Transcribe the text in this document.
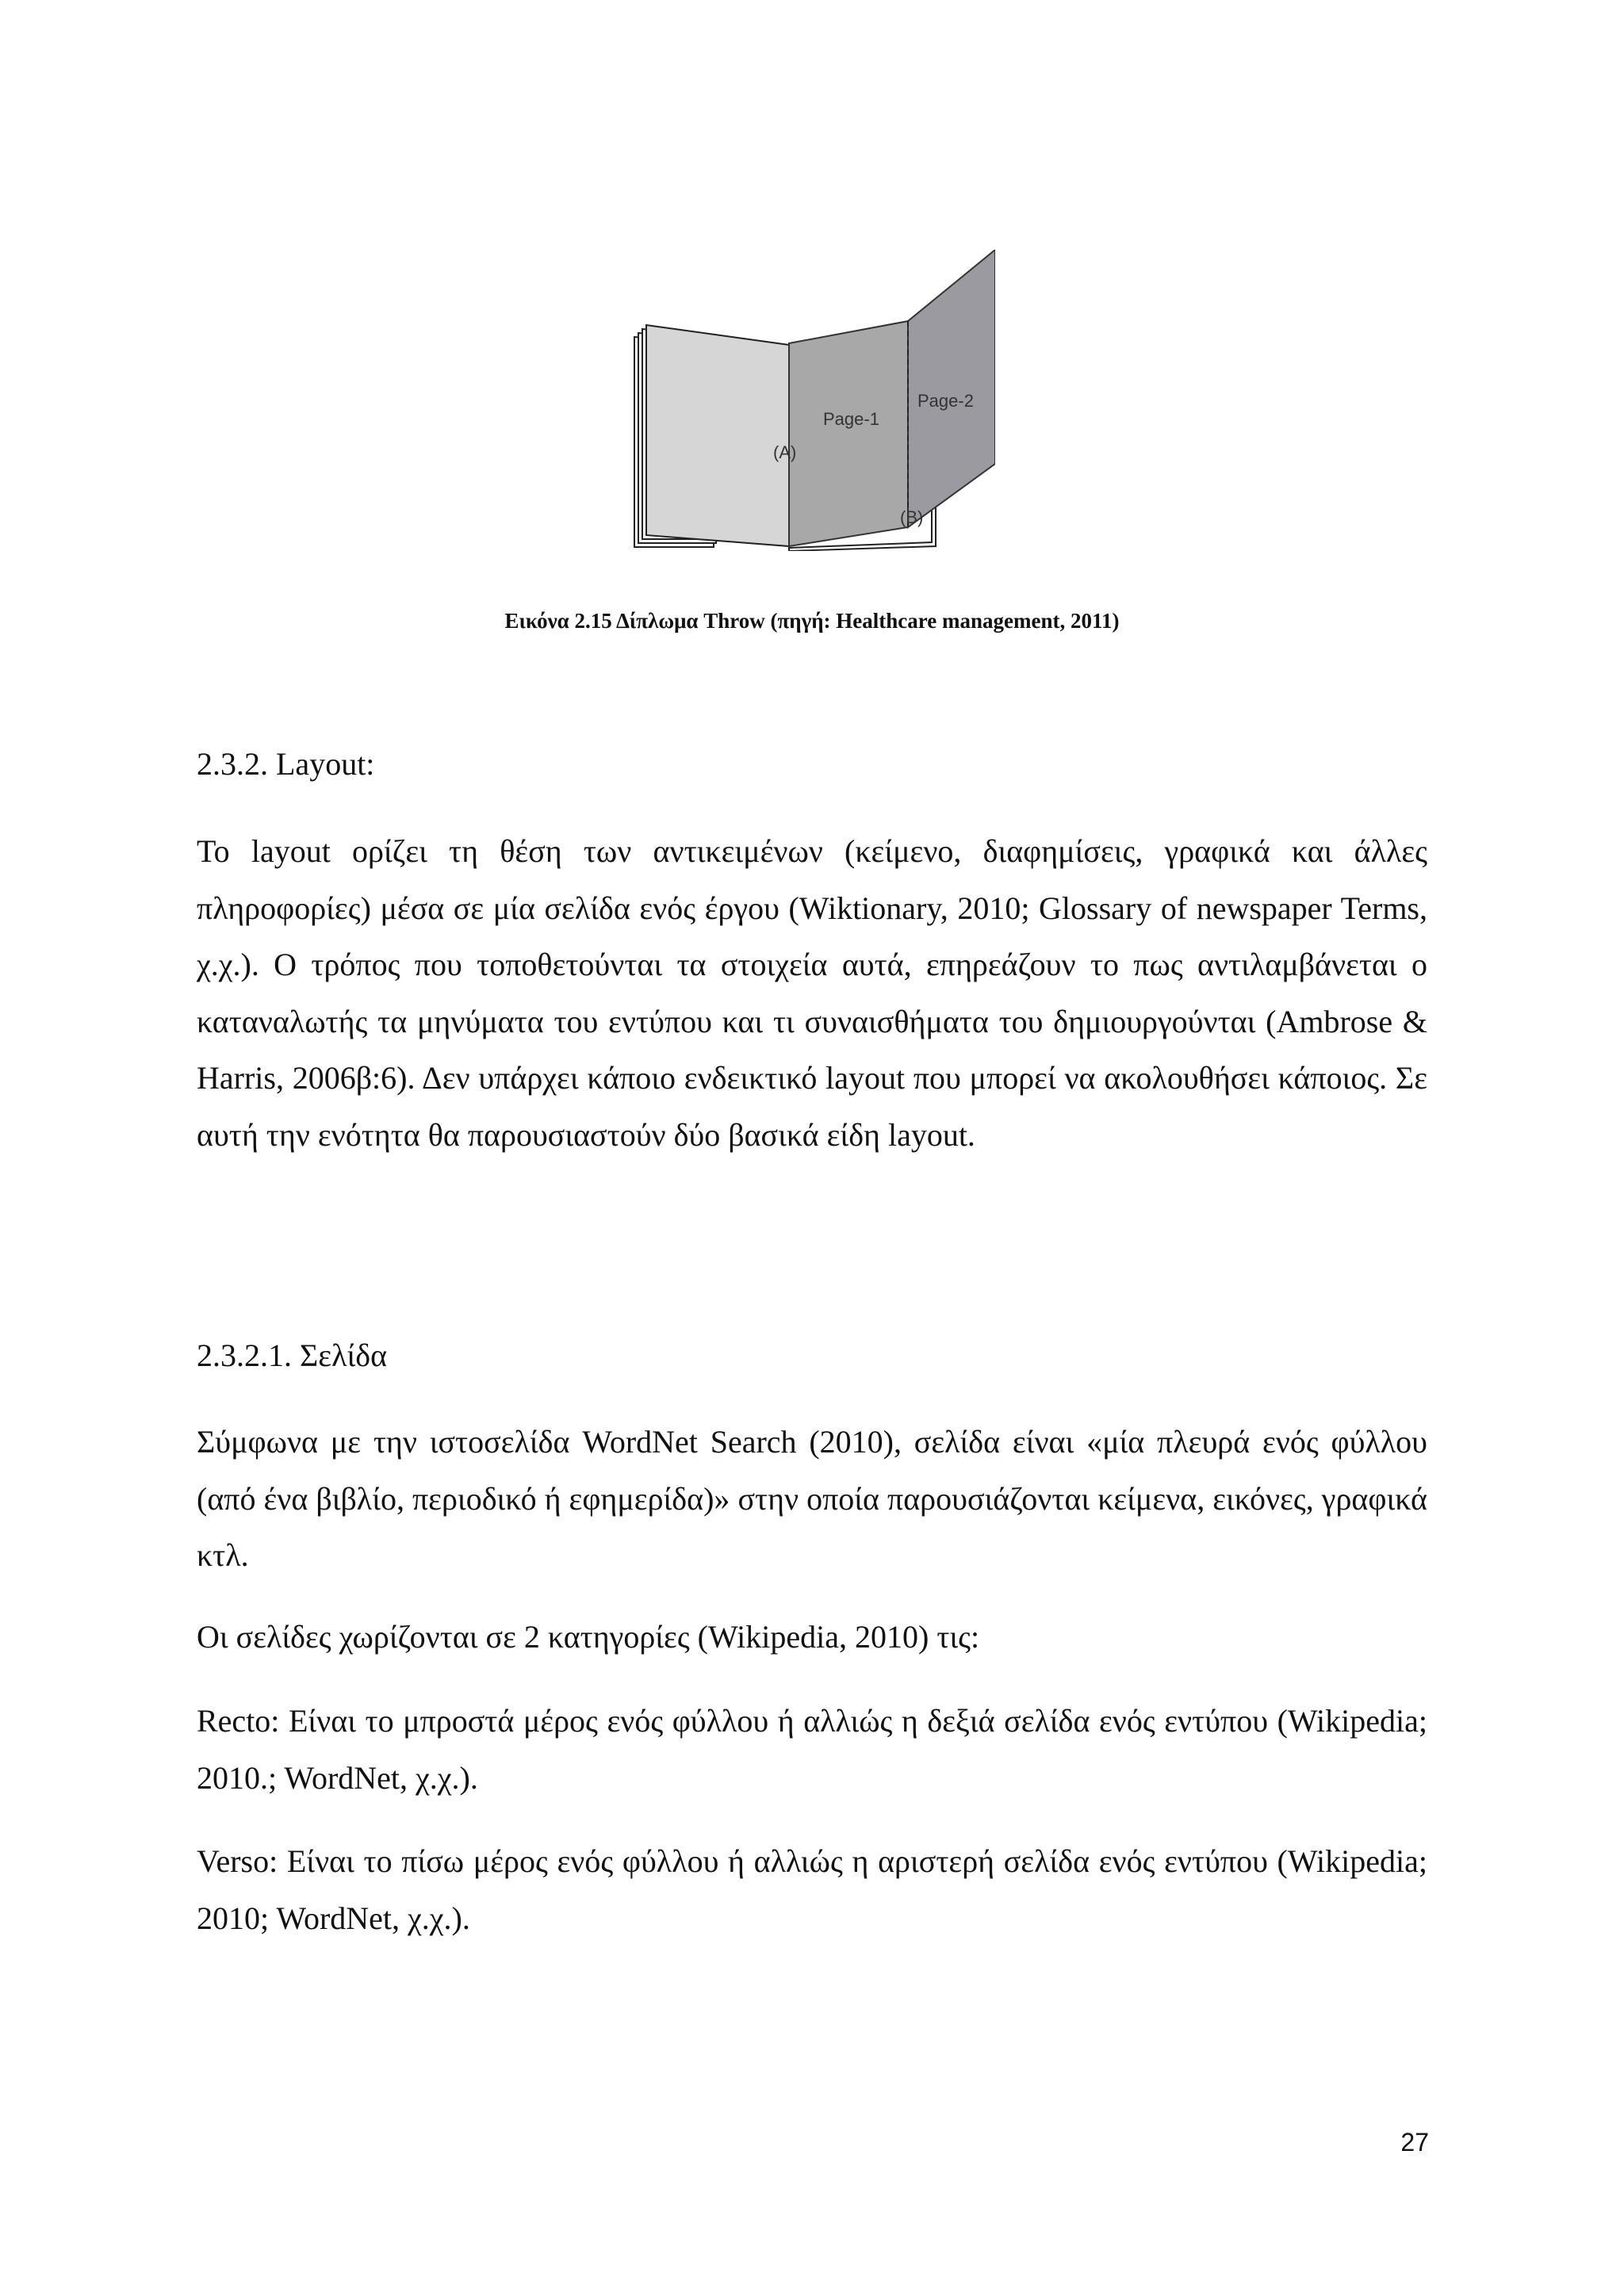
Page-1
Page-2
(A)
(B)
Εικόνα 2.15 Δίπλωμα Throw (πηγή: Healthcare management, 2011)
2.3.2. Layout:

Το layout ορίζει τη θέση των αντικειμένων (κείμενο, διαφημίσεις, γραφικά και άλλες πληροφορίες) μέσα σε μία σελίδα ενός έργου (Wiktionary, 2010; Glossary of newspaper Terms, χ.χ.). Ο τρόπος που τοποθετούνται τα στοιχεία αυτά, επηρεάζουν το πως αντιλαμβάνεται ο καταναλωτής τα μηνύματα του εντύπου και τι συναισθήματα του δημιουργούνται (Ambrose & Harris, 2006β:6). Δεν υπάρχει κάποιο ενδεικτικό layout που μπορεί να ακολουθήσει κάποιος. Σε αυτή την ενότητα θα παρουσιαστούν δύο βασικά είδη layout.

2.3.2.1. Σελίδα

Σύμφωνα με την ιστοσελίδα WordNet Search (2010), σελίδα είναι «μία πλευρά ενός φύλλου (από ένα βιβλίο, περιοδικό ή εφημερίδα)» στην οποία παρουσιάζονται κείμενα, εικόνες, γραφικά κτλ.

Οι σελίδες χωρίζονται σε 2 κατηγορίες (Wikipedia, 2010) τις:

Recto: Είναι το μπροστά μέρος ενός φύλλου ή αλλιώς η δεξιά σελίδα ενός εντύπου (Wikipedia; 2010.; WordNet, χ.χ.).

Verso: Είναι το πίσω μέρος ενός φύλλου ή αλλιώς η αριστερή σελίδα ενός εντύπου (Wikipedia; 2010; WordNet, χ.χ.).

27
